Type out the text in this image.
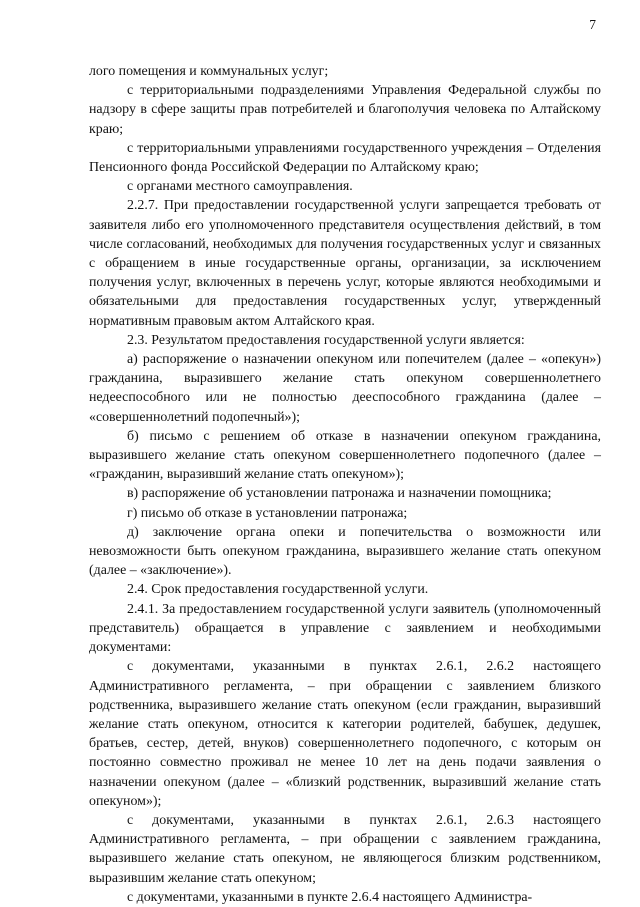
7

лого помещения и коммунальных услуг;

с территориальными подразделениями Управления Федеральной службы по надзору в сфере защиты прав потребителей и благополучия человека по Алтайскому краю;

с территориальными управлениями государственного учреждения – Отделения Пенсионного фонда Российской Федерации по Алтайскому краю;

с органами местного самоуправления.

2.2.7. При предоставлении государственной услуги запрещается требовать от заявителя либо его уполномоченного представителя осуществления действий, в том числе согласований, необходимых для получения государственных услуг и связанных с обращением в иные государственные органы, организации, за исключением получения услуг, включенных в перечень услуг, которые являются необходимыми и обязательными для предоставления государственных услуг, утвержденный нормативным правовым актом Алтайского края.

2.3. Результатом предоставления государственной услуги является:

а) распоряжение о назначении опекуном или попечителем (далее – «опекун») гражданина, выразившего желание стать опекуном совершеннолетнего недееспособного или не полностью дееспособного гражданина (далее – «совершеннолетний подопечный»);

б) письмо с решением об отказе в назначении опекуном гражданина, выразившего желание стать опекуном совершеннолетнего подопечного (далее – «гражданин, выразивший желание стать опекуном»);

в) распоряжение об установлении патронажа и назначении помощника;

г) письмо об отказе в установлении патронажа;

д) заключение органа опеки и попечительства о возможности или невозможности быть опекуном гражданина, выразившего желание стать опекуном (далее – «заключение»).

2.4. Срок предоставления государственной услуги.

2.4.1. За предоставлением государственной услуги заявитель (уполномоченный представитель) обращается в управление с заявлением и необходимыми документами:

с документами, указанными в пунктах 2.6.1, 2.6.2 настоящего Административного регламента, – при обращении с заявлением близкого родственника, выразившего желание стать опекуном (если гражданин, выразивший желание стать опекуном, относится к категории родителей, бабушек, дедушек, братьев, сестер, детей, внуков) совершеннолетнего подопечного, с которым он постоянно совместно проживал не менее 10 лет на день подачи заявления о назначении опекуном (далее – «близкий родственник, выразивший желание стать опекуном»);

с документами, указанными в пунктах 2.6.1, 2.6.3 настоящего Административного регламента, – при обращении с заявлением гражданина, выразившего желание стать опекуном, не являющегося близким родственником, выразившим желание стать опекуном;

с документами, указанными в пункте 2.6.4 настоящего Администра-
